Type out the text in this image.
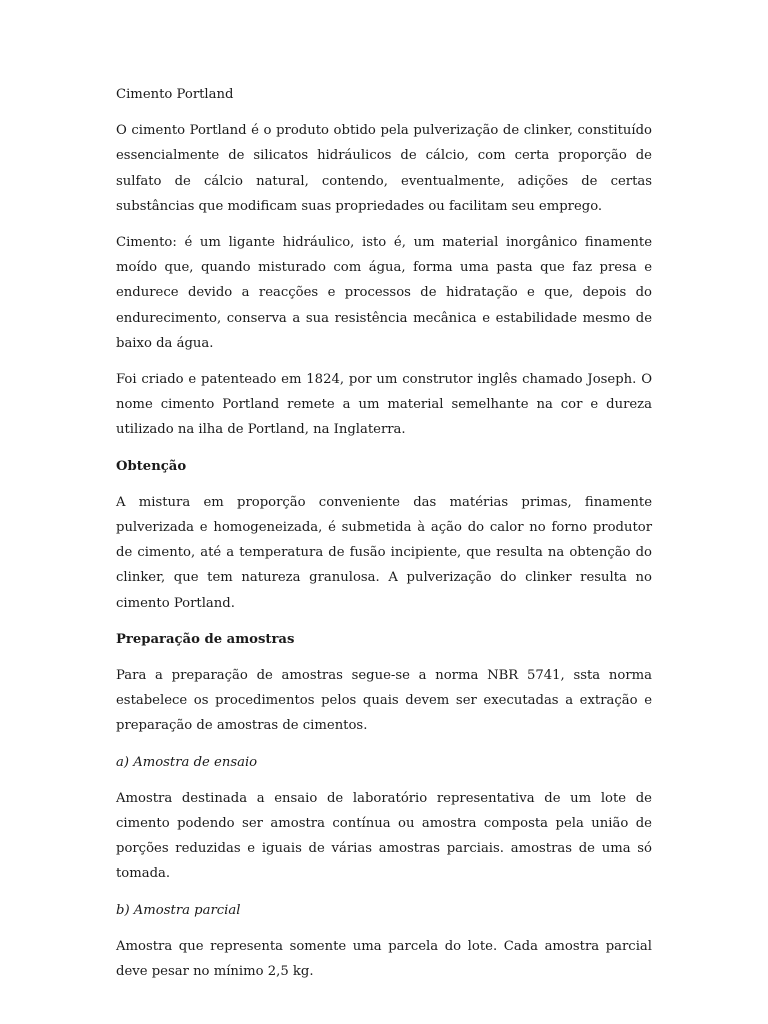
Cimento Portland

O cimento Portland é o produto obtido pela pulverização de clinker, constituído essencialmente de silicatos hidráulicos de cálcio, com certa proporção de sulfato de cálcio natural, contendo, eventualmente, adições de certas substâncias que modificam suas propriedades ou facilitam seu emprego.

Cimento: é um ligante hidráulico, isto é, um material inorgânico finamente moído que, quando misturado com água, forma uma pasta que faz presa e endurece devido a reacções e processos de hidratação e que, depois do endurecimento, conserva a sua resistência mecânica e estabilidade mesmo de baixo da água.

Foi criado e patenteado em 1824, por um construtor inglês chamado Joseph. O nome cimento Portland remete a um material semelhante na cor e dureza utilizado na ilha de Portland, na Inglaterra.

Obtenção

A mistura em proporção conveniente das matérias primas, finamente pulverizada e homogeneizada, é submetida à ação do calor no forno produtor de cimento, até a temperatura de fusão incipiente, que resulta na obtenção do clinker, que tem natureza granulosa. A pulverização do clinker resulta no cimento Portland.

Preparação de amostras

Para a preparação de amostras segue-se a norma NBR 5741, ssta norma estabelece os procedimentos pelos quais devem ser executadas a extração e preparação de amostras de cimentos.

a) Amostra de ensaio

Amostra destinada a ensaio de laboratório representativa de um lote de cimento podendo ser amostra contínua ou amostra composta pela união de porções reduzidas e iguais de várias amostras parciais. amostras de uma só tomada.

b) Amostra parcial

Amostra que representa somente uma parcela do lote. Cada amostra parcial deve pesar no mínimo 2,5 kg.
